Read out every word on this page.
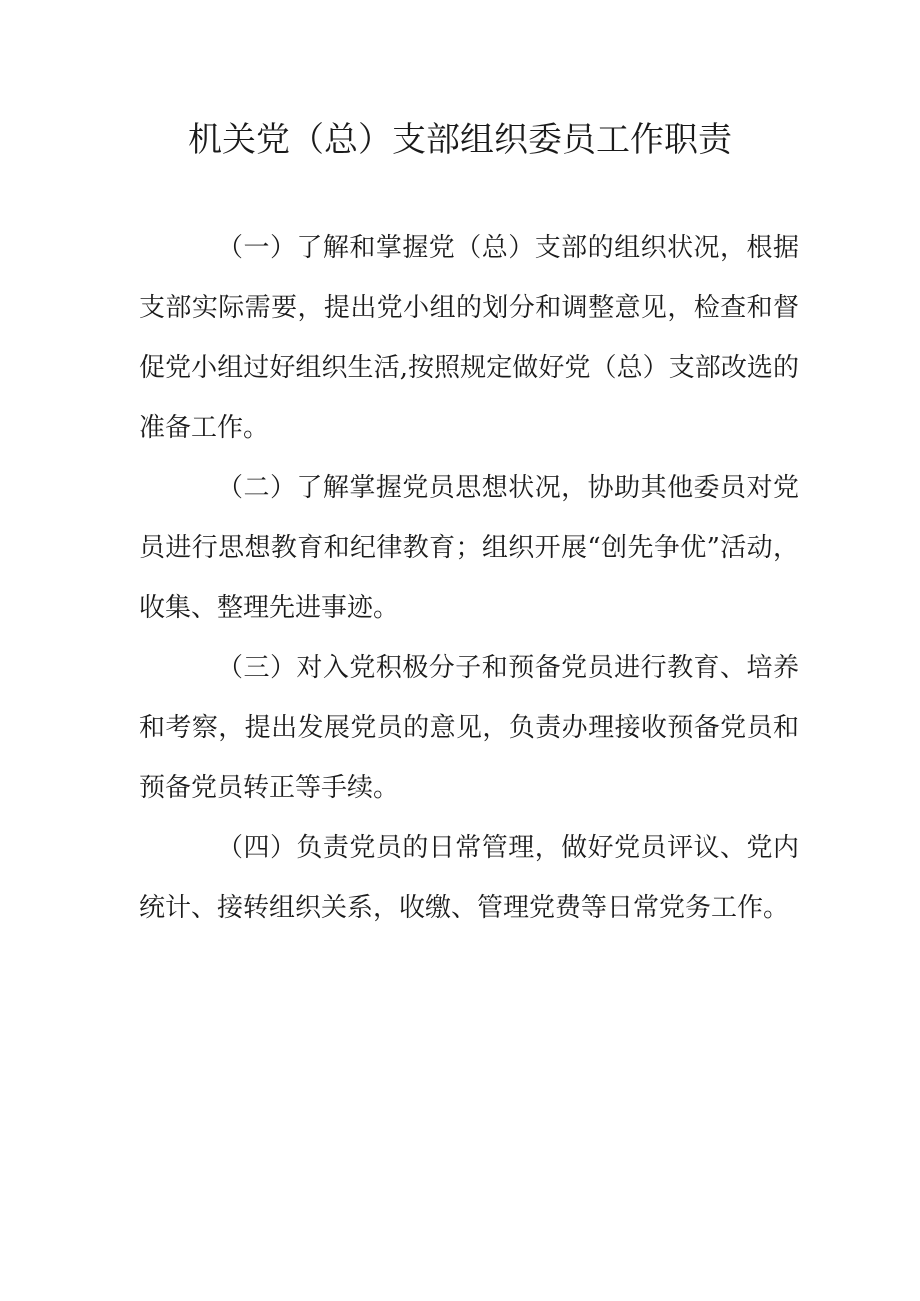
机关党（总）支部组织委员工作职责

（一）了解和掌握党（总）支部的组织状况，根据支部实际需要，提出党小组的划分和调整意见，检查和督促党小组过好组织生活,按照规定做好党（总）支部改选的准备工作。

（二）了解掌握党员思想状况，协助其他委员对党员进行思想教育和纪律教育；组织开展“创先争优”活动，收集、整理先进事迹。

（三）对入党积极分子和预备党员进行教育、培养和考察，提出发展党员的意见，负责办理接收预备党员和预备党员转正等手续。

（四）负责党员的日常管理，做好党员评议、党内统计、接转组织关系，收缴、管理党费等日常党务工作。
